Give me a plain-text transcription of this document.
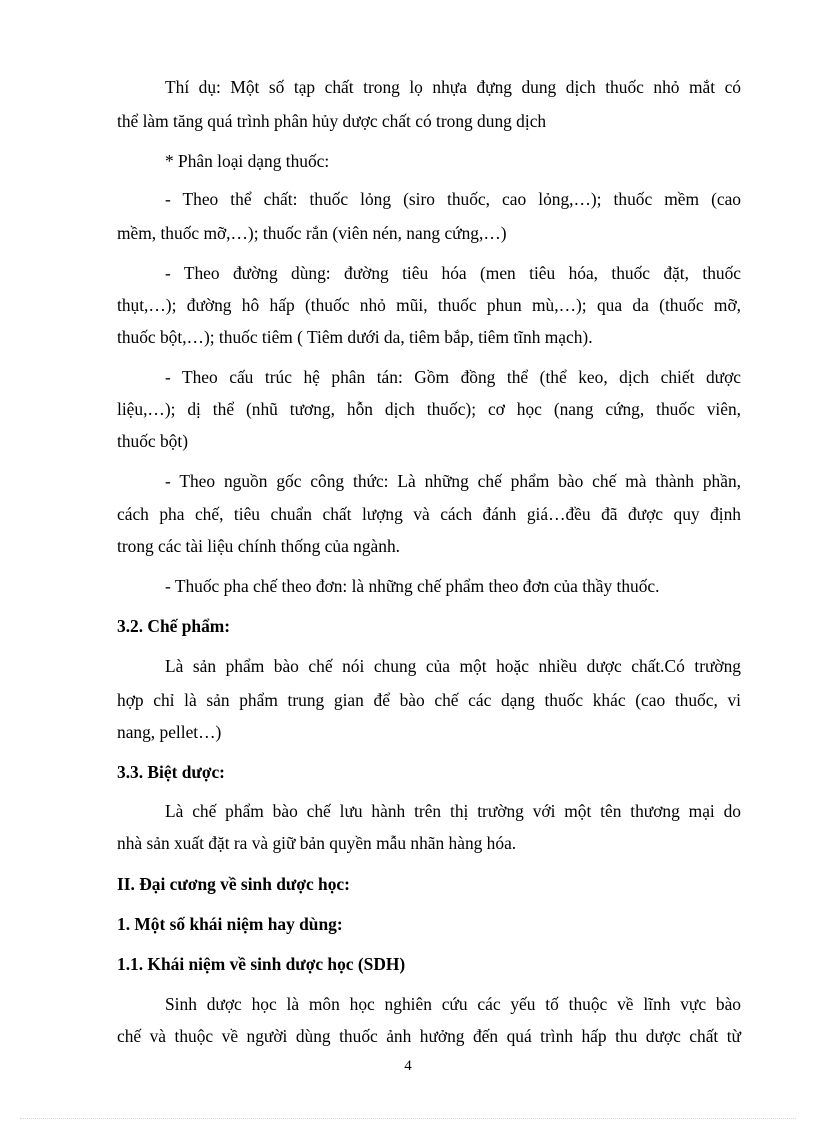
Thí dụ: Một số tạp chất trong lọ nhựa đựng dung dịch thuốc nhỏ mắt có
thể làm tăng quá trình phân hủy dược chất có trong dung dịch
* Phân loại dạng thuốc:
- Theo thể chất: thuốc lỏng (siro thuốc, cao lỏng,…); thuốc mềm (cao
mềm, thuốc mỡ,…); thuốc rắn (viên nén, nang cứng,…)
- Theo đường dùng: đường tiêu hóa (men tiêu hóa, thuốc đặt, thuốc
thụt,…); đường hô hấp (thuốc nhỏ mũi, thuốc phun mù,…); qua da (thuốc mỡ,
thuốc bột,…); thuốc tiêm ( Tiêm dưới da, tiêm bắp, tiêm tĩnh mạch).
- Theo cấu trúc hệ phân tán: Gồm đồng thể (thể keo, dịch chiết dược
liệu,…); dị thể (nhũ tương, hỗn dịch thuốc); cơ học (nang cứng, thuốc viên,
thuốc bột)
- Theo nguồn gốc công thức: Là những chế phẩm bào chế mà thành phần,
cách pha chế, tiêu chuẩn chất lượng và cách đánh giá…đều đã được quy định
trong các tài liệu chính thống của ngành.
- Thuốc pha chế theo đơn: là những chế phẩm theo đơn của thầy thuốc.
3.2. Chế phẩm:
Là sản phẩm bào chế nói chung của một hoặc nhiều dược chất.Có trường
hợp chỉ là sản phẩm trung gian để bào chế các dạng thuốc khác (cao thuốc, vi
nang, pellet…)
3.3. Biệt dược:
Là chế phẩm bào chế lưu hành trên thị trường với một tên thương mại do
nhà sản xuất đặt ra và giữ bản quyền mẫu nhãn hàng hóa.
II. Đại cương về sinh dược học:
1. Một số khái niệm hay dùng:
1.1. Khái niệm về sinh dược học (SDH)
Sinh dược học là môn học nghiên cứu các yếu tố thuộc về lĩnh vực bào
chế và thuộc về người dùng thuốc ảnh hưởng đến quá trình hấp thu dược chất từ
4
